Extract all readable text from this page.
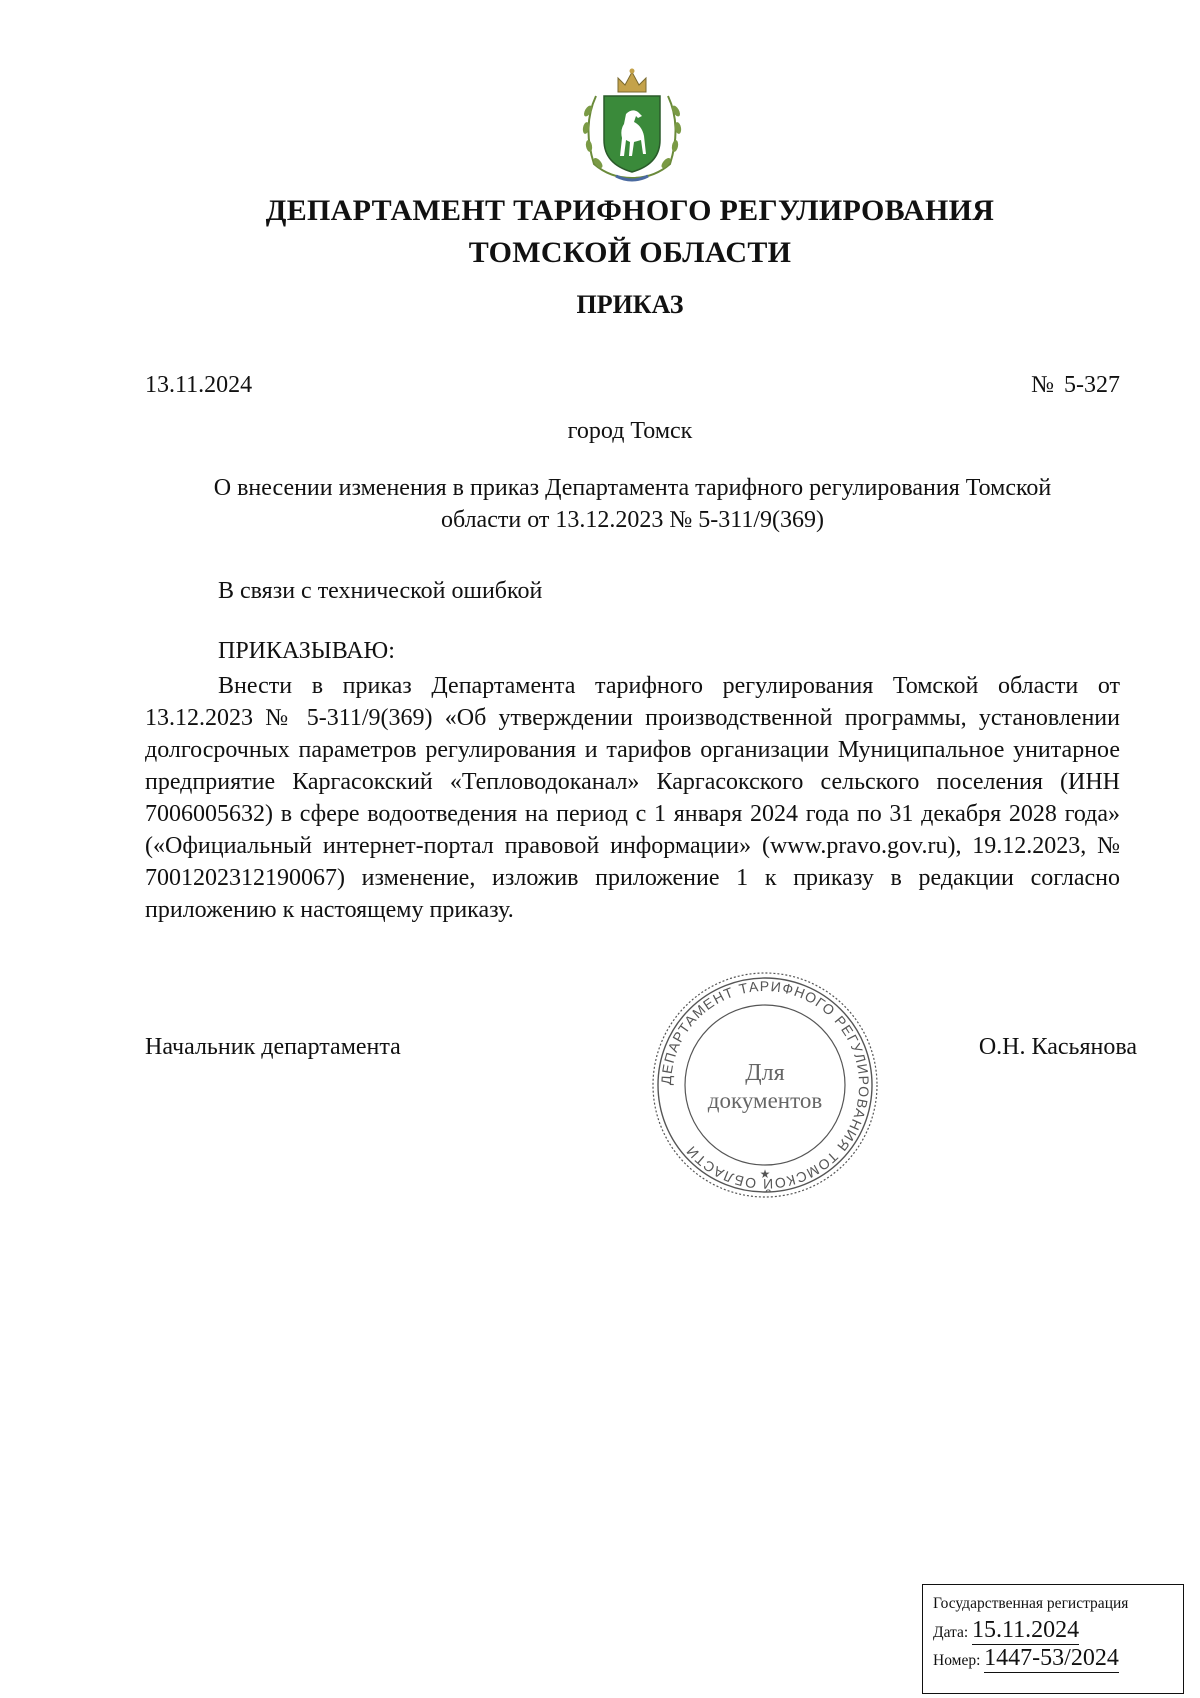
ДЕПАРТАМЕНТ ТАРИФНОГО РЕГУЛИРОВАНИЯ
ТОМСКОЙ ОБЛАСТИ
ПРИКАЗ
13.11.2024	№ 5-327
город Томск
О внесении изменения в приказ Департамента тарифного регулирования Томской
области от 13.12.2023 № 5-311/9(369)
В связи с технической ошибкой
ПРИКАЗЫВАЮ:
Внести в приказ Департамента тарифного регулирования Томской области от 13.12.2023 № 5-311/9(369) «Об утверждении производственной программы, установлении долгосрочных параметров регулирования и тарифов организации Муниципальное унитарное предприятие Каргасокский «Тепловодоканал» Каргасокского сельского поселения (ИНН 7006005632) в сфере водоотведения на период с 1 января 2024 года по 31 декабря 2028 года» («Официальный интернет-портал правовой информации» (www.pravo.gov.ru), 19.12.2023, № 7001202312190067) изменение, изложив приложение 1 к приказу в редакции согласно приложению к настоящему приказу.
Начальник департамента
ДЕПАРТАМЕНТ ТАРИФНОГО РЕГУЛИРОВАНИЯ ТОМСКОЙ ОБЛАСТИ
Для
документов
★
О.Н. Касьянова
Государственная регистрация
Дата: 15.11.2024
Номер: 1447-53/2024
